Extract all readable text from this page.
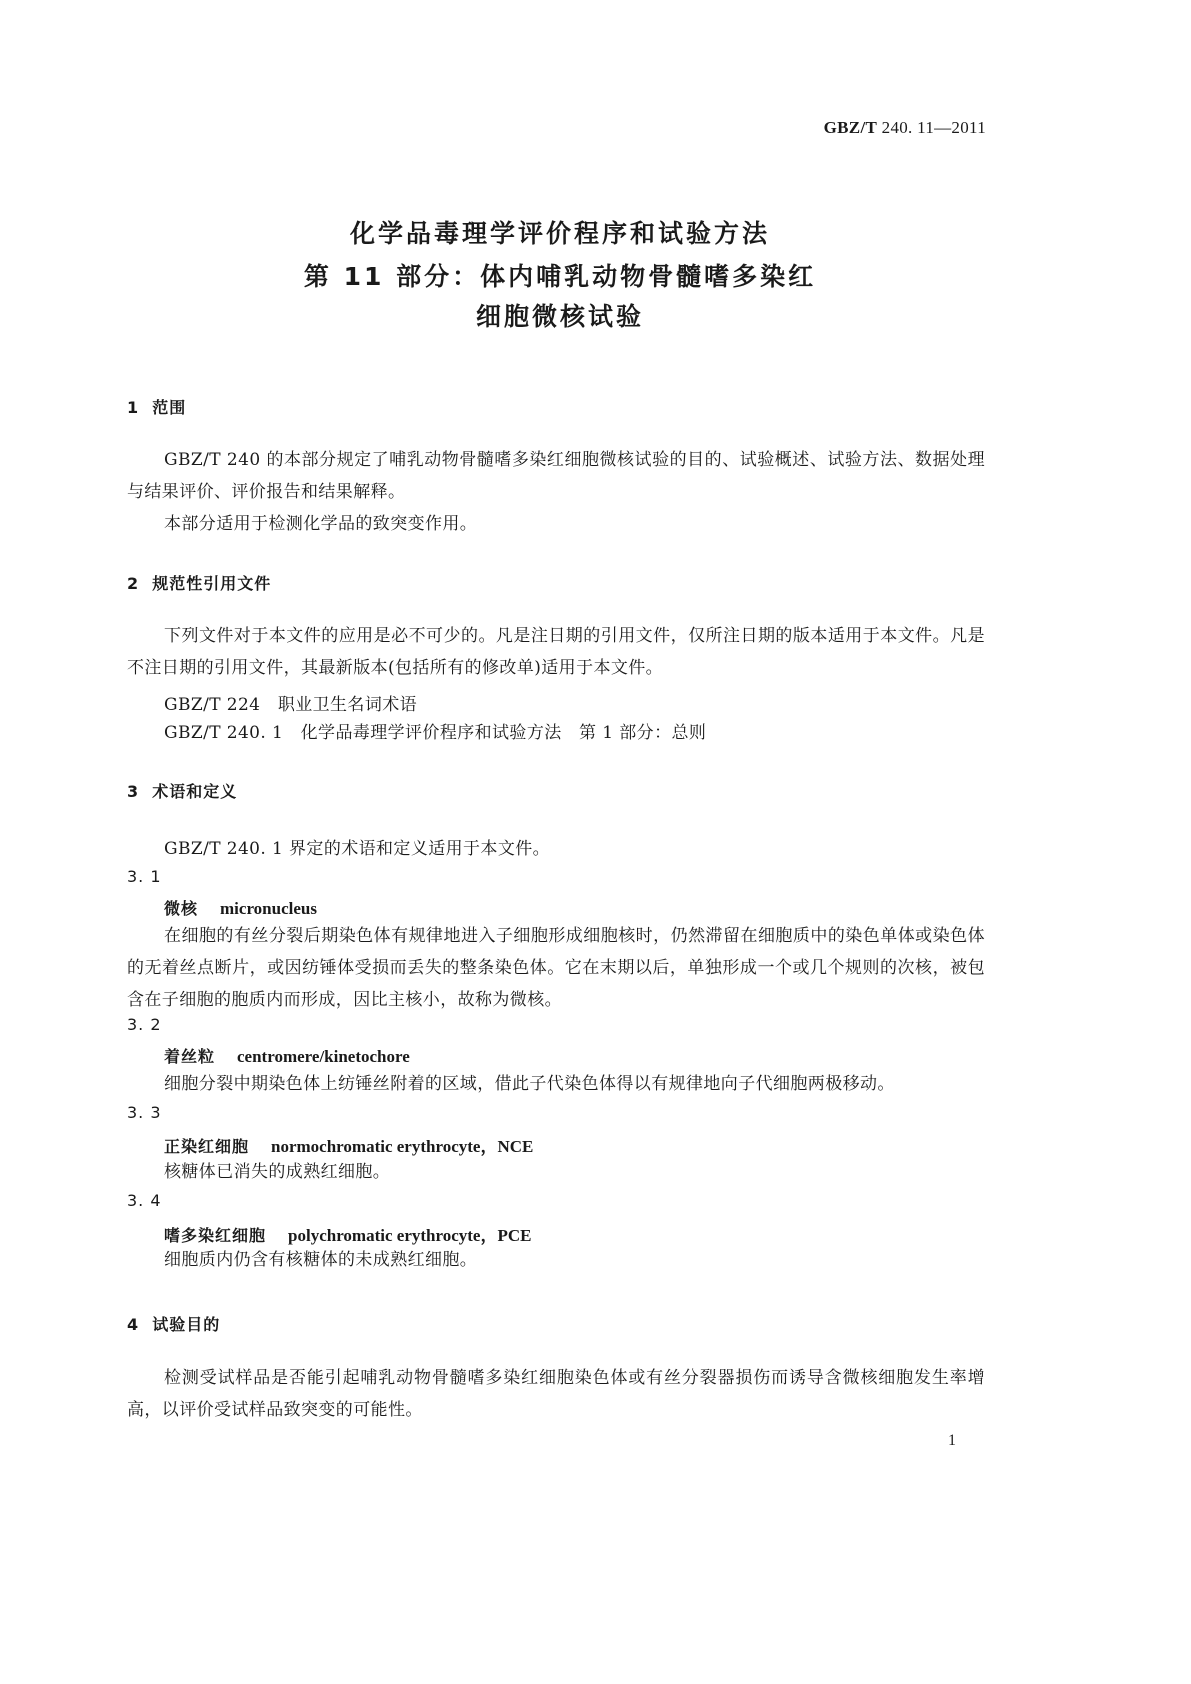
GBZ/T 240. 11—2011
化学品毒理学评价程序和试验方法
第 11 部分：体内哺乳动物骨髓嗜多染红
细胞微核试验
1  范围
GBZ/T 240 的本部分规定了哺乳动物骨髓嗜多染红细胞微核试验的目的、试验概述、试验方法、数据处理与结果评价、评价报告和结果解释。
本部分适用于检测化学品的致突变作用。
2  规范性引用文件
下列文件对于本文件的应用是必不可少的。凡是注日期的引用文件，仅所注日期的版本适用于本文件。凡是不注日期的引用文件，其最新版本(包括所有的修改单)适用于本文件。
GBZ/T 224   职业卫生名词术语
GBZ/T 240. 1   化学品毒理学评价程序和试验方法   第 1 部分：总则
3  术语和定义
GBZ/T 240. 1 界定的术语和定义适用于本文件。
3. 1
微核 micronucleus
在细胞的有丝分裂后期染色体有规律地进入子细胞形成细胞核时，仍然滞留在细胞质中的染色单体或染色体的无着丝点断片，或因纺锤体受损而丢失的整条染色体。它在末期以后，单独形成一个或几个规则的次核，被包含在子细胞的胞质内而形成，因比主核小，故称为微核。
3. 2
着丝粒 centromere/kinetochore
细胞分裂中期染色体上纺锤丝附着的区域，借此子代染色体得以有规律地向子代细胞两极移动。
3. 3
正染红细胞 normochromatic erythrocyte，NCE
核糖体已消失的成熟红细胞。
3. 4
嗜多染红细胞 polychromatic erythrocyte，PCE
细胞质内仍含有核糖体的未成熟红细胞。
4  试验目的
检测受试样品是否能引起哺乳动物骨髓嗜多染红细胞染色体或有丝分裂器损伤而诱导含微核细胞发生率增高，以评价受试样品致突变的可能性。
1
